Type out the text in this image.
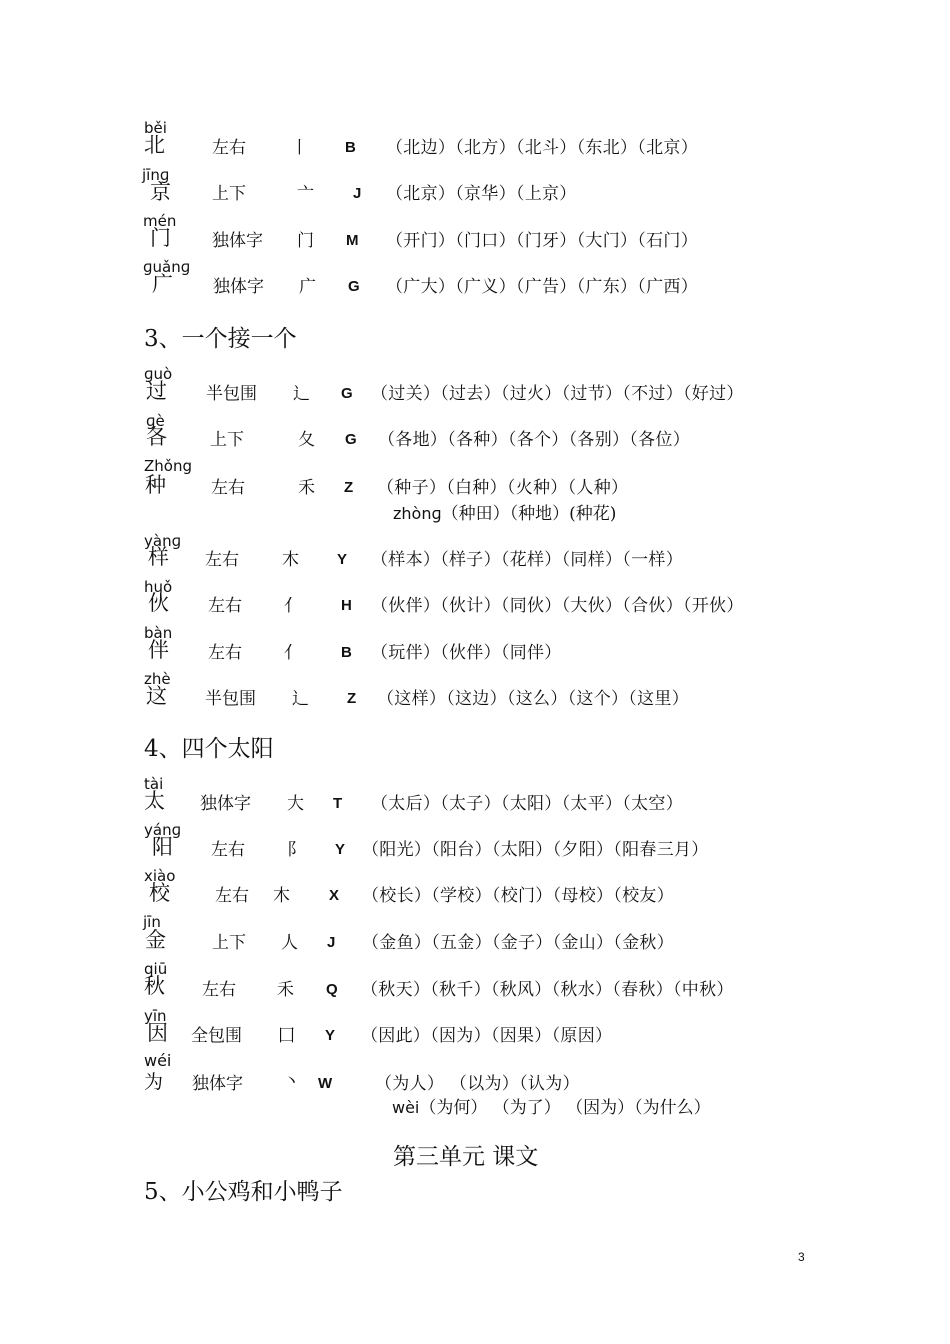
běi
北	左右	丨 B （北边）（北方）（北斗）（东北）（北京）
jīnɡ
京 上下	亠	J （北京）（京华）（上京）
mén
门 独体字 门 M （开门）（门口）（门牙）（大门）（石门）
ɡuǎnɡ
广 独体字 广 G （广大）（广义）（广告）（广东）（广西）
3、一个接一个
ɡuò
过 半包围 辶 G （过关）（过去）（过火）（过节）（不过）（好过）
ɡè
各	上下	夂 G （各地）（各种）（各个）（各别）（各位）
Zhǒng
种	左右	禾 Z （种子）（白种）（火种）（人种）
zhònɡ（种田）（种地）(种花)
yànɡ
样 左右	木	Y （样本）（样子）（花样）（同样）（一样）
huǒ
伙 左右 亻	H （伙伴）（伙计）（同伙）（大伙）（合伙）（开伙）
bàn
伴 左右 亻	B （玩伴）（伙伴）（同伴）
zhè
这 半包围 辶	Z （这样）（这边）（这么）（这个）（这里）
4、四个太阳
tài
太 独体字 大 T （太后）（太子）（太阳）（太平）（太空）
yánɡ
阳 左右 阝 Y （阳光）（阳台）（太阳）（夕阳）（阳春三月）
xiào
校	左右 木	X （校长）（学校）（校门）（母校）（校友）
jīn
金	上下 人 J （金鱼）（五金）（金子）（金山）（金秋）
qiū
秋 左右 禾 Q （秋天）（秋千）（秋风）（秋水）（春秋）（中秋）
yīn
因 全包围 囗 Y （因此）（因为）（因果）（原因）
wéi
为 独体字 丶 W	（为人） （以为）（认为）
wèi（为何） （为了） （因为）（为什么）
第三单元 课文
5、小公鸡和小鸭子
3
